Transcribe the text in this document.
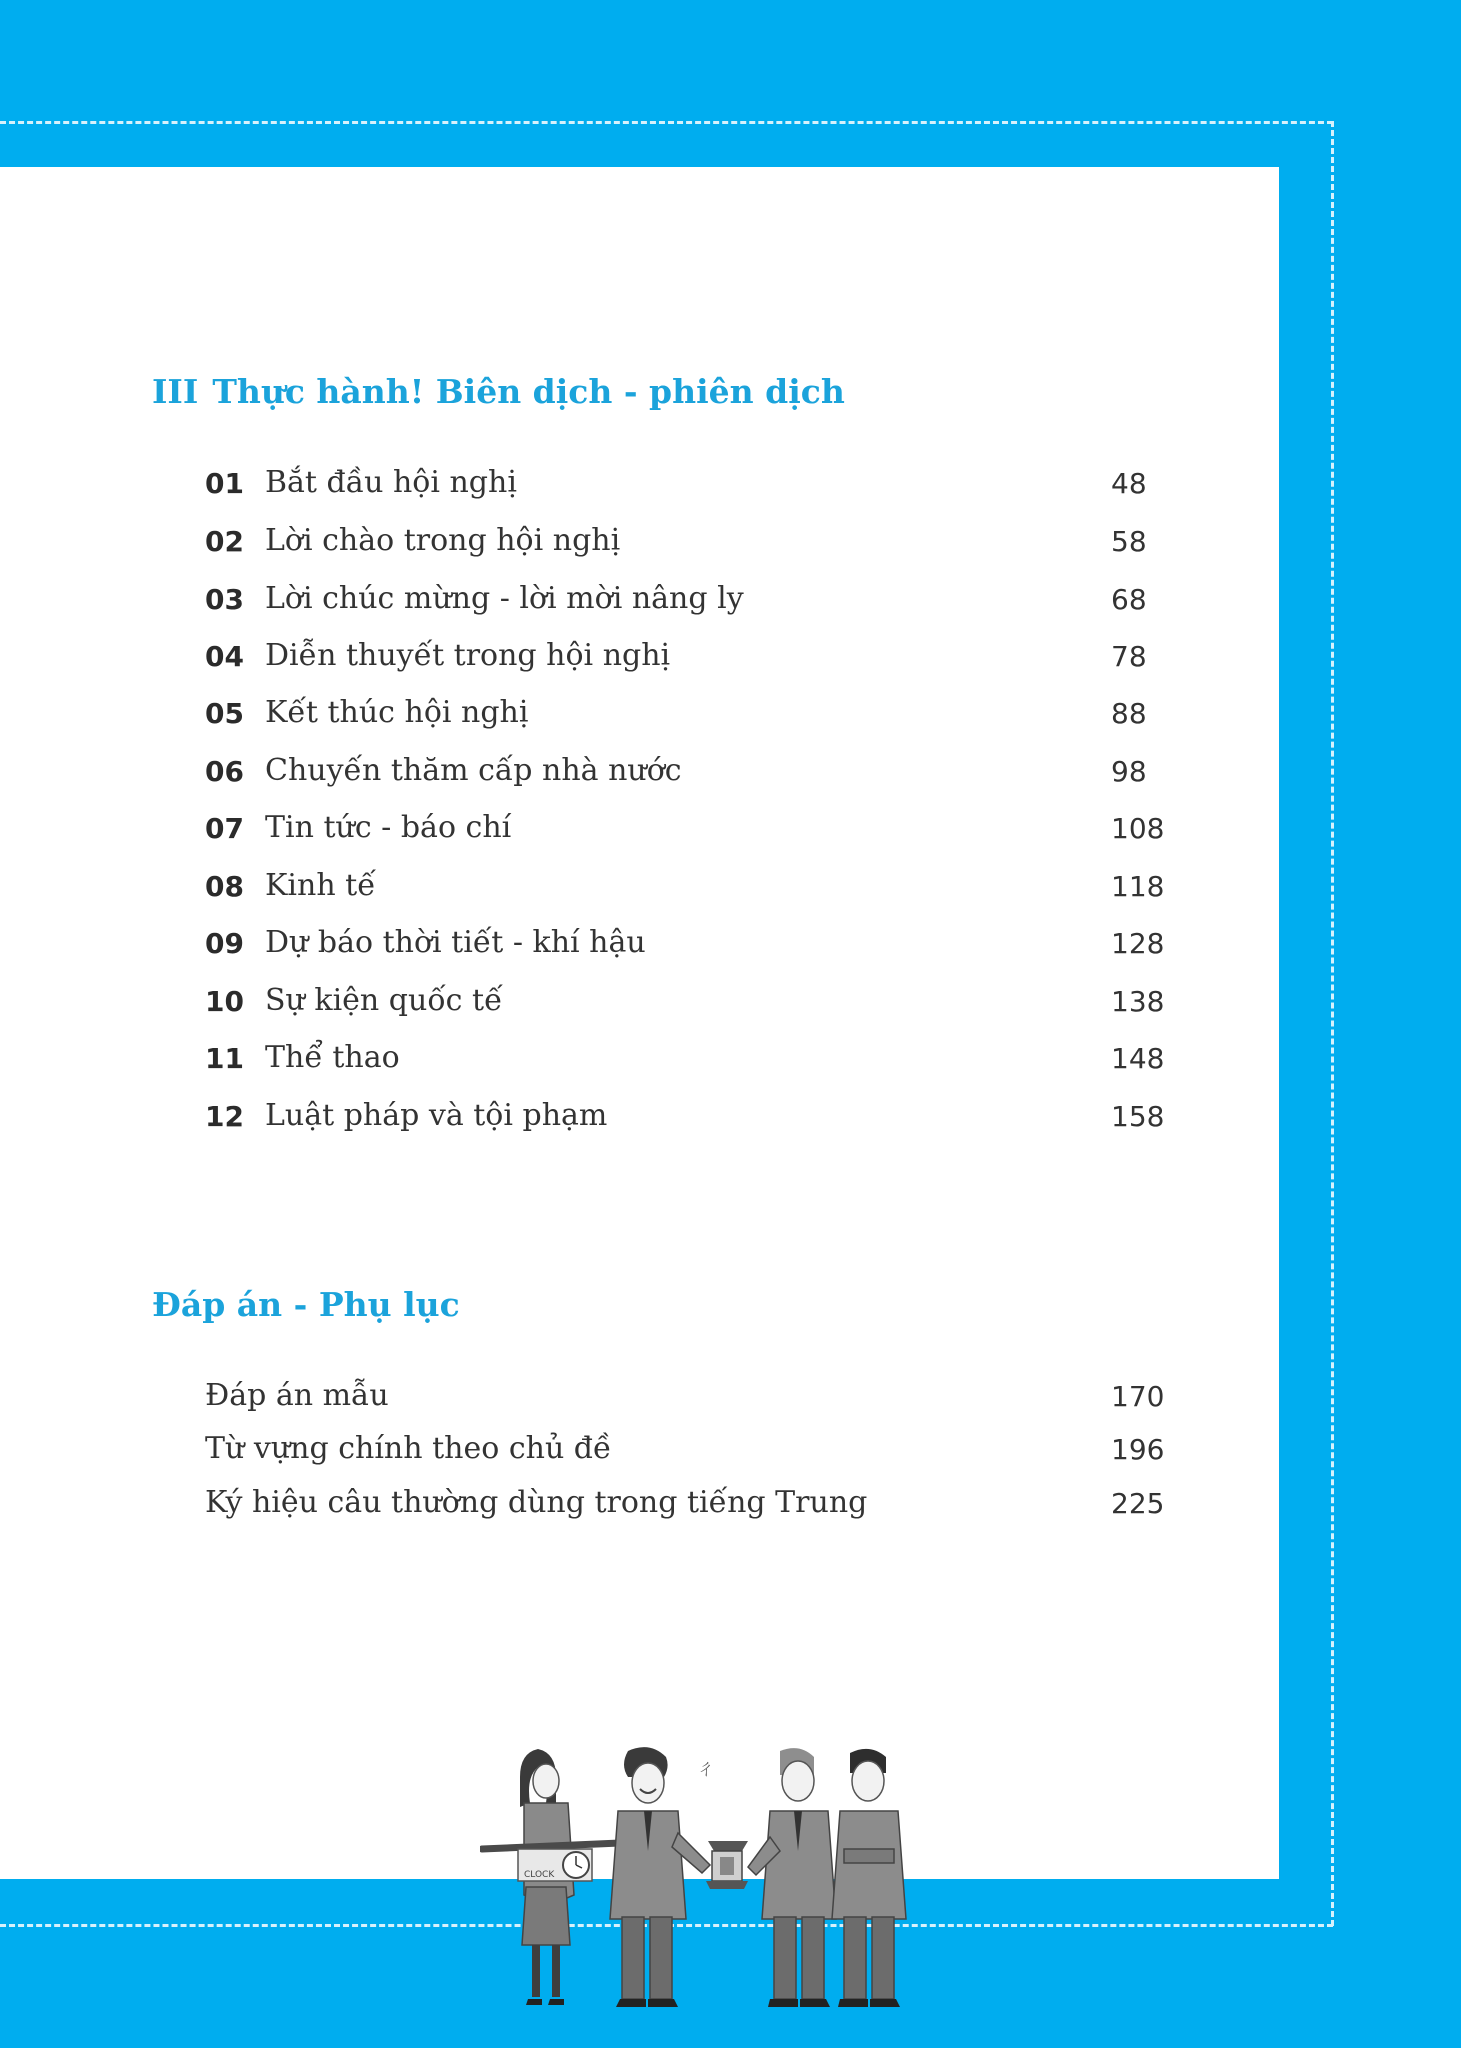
III Thực hành! Biên dịch - phiên dịch
01 Bắt đầu hội nghị	48
02 Lời chào trong hội nghị	58
03 Lời chúc mừng - lời mời nâng ly	68
04 Diễn thuyết trong hội nghị	78
05 Kết thúc hội nghị	88
06 Chuyến thăm cấp nhà nước	98
07 Tin tức - báo chí	108
08 Kinh tế	118
09 Dự báo thời tiết - khí hậu	128
10 Sự kiện quốc tế	138
11 Thể thao	148
12 Luật pháp và tội phạm	158
Đáp án - Phụ lục
Đáp án mẫu	170
Từ vựng chính theo chủ đề	196
Ký hiệu câu thường dùng trong tiếng Trung	225
CLOCK
ㄔ
